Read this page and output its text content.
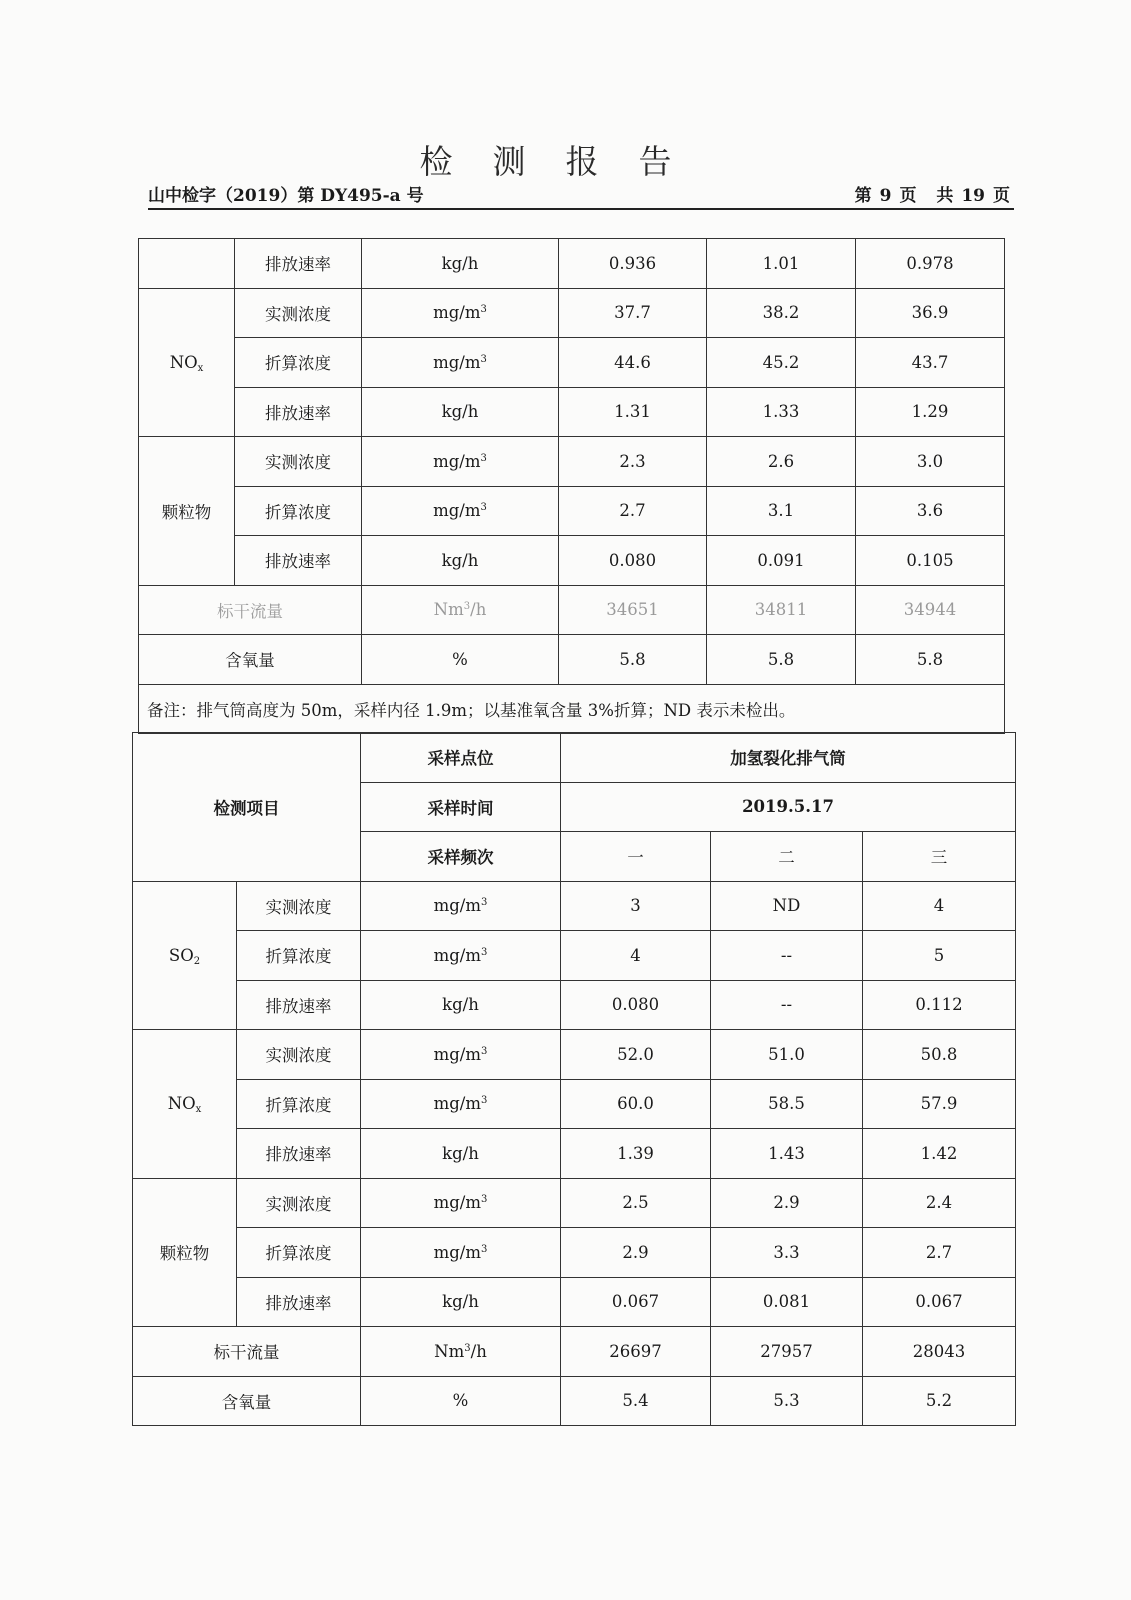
检测报告
山中检字（2019）第 DY495-a 号	第 9 页 共 19 页
	排放速率	kg/h	0.936	1.01	0.978
$NO_x$	实测浓度	$mg/m^3$	37.7	38.2	36.9
	折算浓度	$mg/m^3$	44.6	45.2	43.7
	排放速率	kg/h	1.31	1.33	1.29
颗粒物	实测浓度	$mg/m^3$	2.3	2.6	3.0
	折算浓度	$mg/m^3$	2.7	3.1	3.6
	排放速率	kg/h	0.080	0.091	0.105
标干流量		Nm$^3$/h	34651	34811	34944
含氧量		%	5.8	5.8	5.8
备注：排气筒高度为 50m，采样内径 1.9m；以基准氧含量 3%折算；ND 表示未检出。					
检测项目		采样点位	加氢裂化排气筒		
		采样时间	2019.5.17		
		采样频次	一	二	三
$SO_2$	实测浓度	$mg/m^3$	3	ND	4
	折算浓度	$mg/m^3$	4	--	5
	排放速率	kg/h	0.080	--	0.112
$NO_x$	实测浓度	$mg/m^3$	52.0	51.0	50.8
	折算浓度	$mg/m^3$	60.0	58.5	57.9
	排放速率	kg/h	1.39	1.43	1.42
颗粒物	实测浓度	$mg/m^3$	2.5	2.9	2.4
	折算浓度	$mg/m^3$	2.9	3.3	2.7
	排放速率	kg/h	0.067	0.081	0.067
标干流量		Nm$^3$/h	26697	27957	28043
含氧量		%	5.4	5.3	5.2
